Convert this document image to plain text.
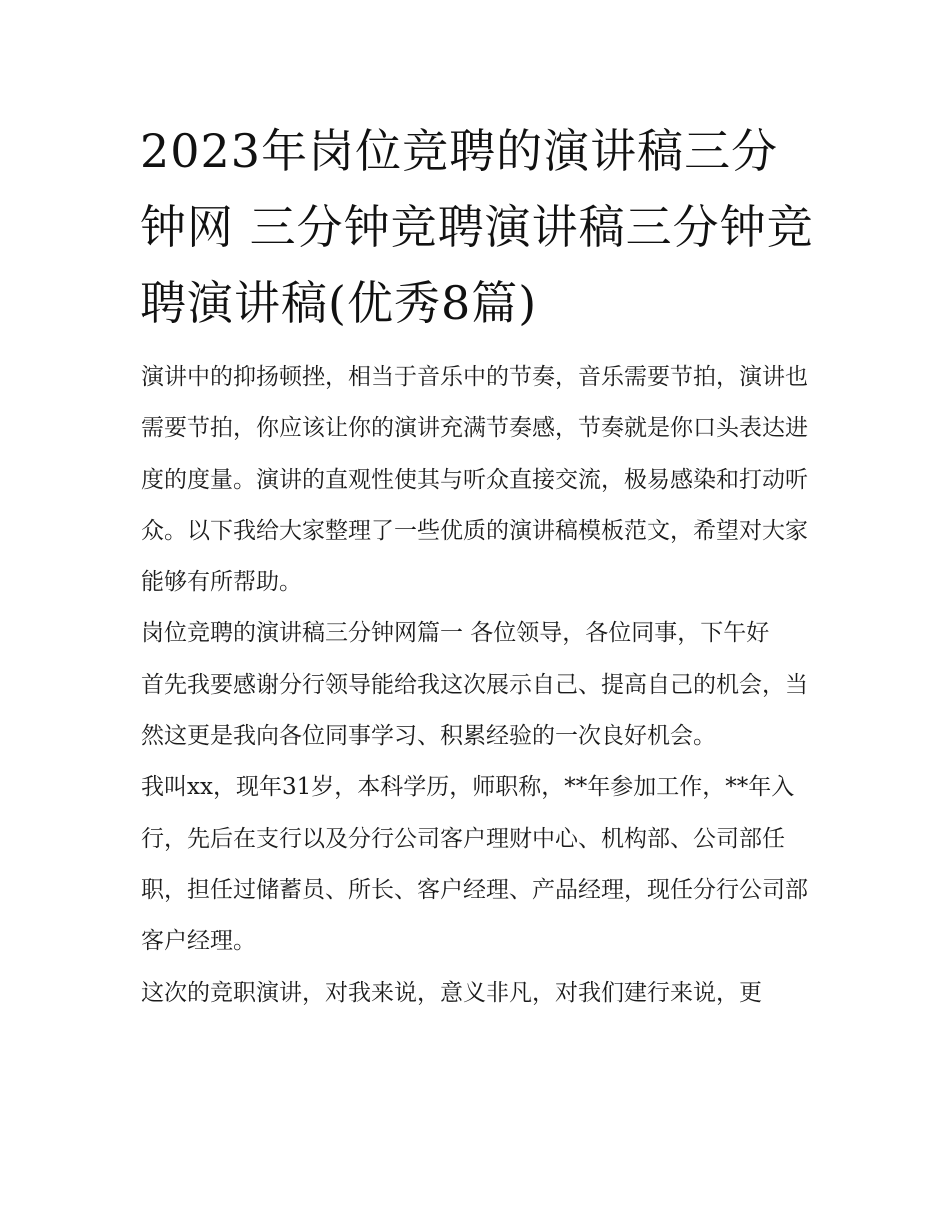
2023年岗位竞聘的演讲稿三分钟网 三分钟竞聘演讲稿三分钟竞聘演讲稿(优秀8篇)

演讲中的抑扬顿挫，相当于音乐中的节奏，音乐需要节拍，演讲也需要节拍，你应该让你的演讲充满节奏感，节奏就是你口头表达进度的度量。演讲的直观性使其与听众直接交流，极易感染和打动听众。以下我给大家整理了一些优质的演讲稿模板范文，希望对大家能够有所帮助。

岗位竞聘的演讲稿三分钟网篇一 各位领导，各位同事，下午好

首先我要感谢分行领导能给我这次展示自己、提高自己的机会，当然这更是我向各位同事学习、积累经验的一次良好机会。

我叫xx，现年31岁，本科学历，师职称，**年参加工作，**年入行，先后在支行以及分行公司客户理财中心、机构部、公司部任职，担任过储蓄员、所长、客户经理、产品经理，现任分行公司部客户经理。

这次的竞职演讲，对我来说，意义非凡，对我们建行来说，更
